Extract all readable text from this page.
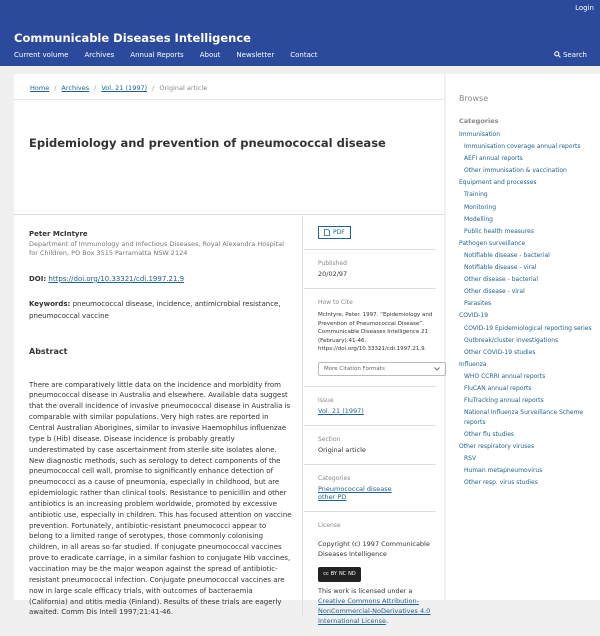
Login
Communicable Diseases Intelligence
Current volume Archives Annual Reports About Newsletter Contact	Search
Home / Archives / Vol. 21 (1997) / Original article
Epidemiology and prevention of pneumococcal disease
Peter McIntyre
Department of Immunology and Infectious Diseases, Royal Alexandra Hospital for Children, PO Box 3515 Parramatta NSW 2124
DOI: https://doi.org/10.33321/cdi.1997.21.9
Keywords: pneumococcal disease, incidence, antimicrobial resistance, pneumococcal vaccine
Abstract
There are comparatively little data on the incidence and morbidity from pneumococcal disease in Australia and elsewhere. Available data suggest that the overall incidence of invasive pneumococcal disease in Australia is comparable with similar populations. Very high rates are reported in Central Australian Aborigines, similar to invasive Haemophilus influenzae type b (Hib) disease. Disease incidence is probably greatly underestimated by case ascertainment from sterile site isolates alone. New diagnostic methods, such as serology to detect components of the pneumococcal cell wall, promise to significantly enhance detection of pneumococci as a cause of pneumonia, especially in childhood, but are epidemiologic rather than clinical tools. Resistance to penicillin and other antibiotics is an increasing problem worldwide, promoted by excessive antibiotic use, especially in children. This has focused attention on vaccine prevention. Fortunately, antibiotic-resistant pneumococci appear to belong to a limited range of serotypes, those commonly colonising children, in all areas so far studied. If conjugate pneumococcal vaccines prove to eradicate carriage, in a similar fashion to conjugate Hib vaccines, vaccination may be the major weapon against the spread of antibiotic-resistant pneumococcal infection. Conjugate pneumococcal vaccines are now in large scale efficacy trials, with outcomes of bacteraemia (California) and otitis media (Finland). Results of these trials are eagerly awaited. Comm Dis Intell 1997;21:41-46.
PDF
Published
20/02/97
How to Cite
McIntyre, Peter. 1997. “Epidemiology and Prevention of Pneumococcal Disease”. Communicable Diseases Intelligence 21 (February):41-46. https://doi.org/10.33321/cdi.1997.21.9.
More Citation Formats
Issue
Vol. 21 (1997)
Section
Original article
Categories
Pneumococcal disease
other PD
License
Copyright (c) 1997 Communicable Diseases Intelligence
cc BY NC ND
This work is licensed under a Creative Commons Attribution-NonCommercial-NoDerivatives 4.0 International License.
Browse
Categories
Immunisation
Immunisation coverage annual reports
AEFI annual reports
Other immunisation & vaccination
Equipment and processes
Training
Monitoring
Modelling
Public health measures
Pathogen surveillance
Notifiable disease - bacterial
Notifiable disease - viral
Other disease - bacterial
Other disease - viral
Parasites
COVID-19
COVID-19 Epidemiological reporting series
Outbreak/cluster investigations
Other COVID-19 studies
Influenza
WHO CCRRI annual reports
FluCAN annual reports
FluTracking annual reports
National Influenza Surveillance Scheme reports
Other flu studies
Other respiratory viruses
RSV
Human metapneumovirus
Other resp. virus studies
